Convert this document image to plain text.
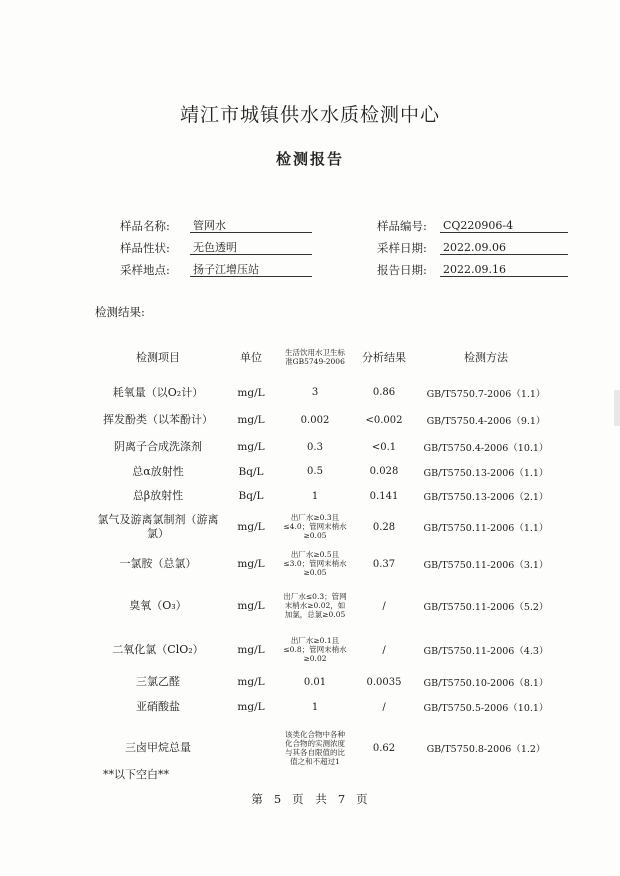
靖江市城镇供水水质检测中心
检测报告
样品名称: 管网水	样品编号: CQ220906-4
样品性状: 无色透明	采样日期: 2022.09.06
采样地点: 扬子江增压站	报告日期: 2022.09.16
检测结果:
检测项目	单位	生活饮用水卫生标准GB5749-2006	分析结果	检测方法
耗氧量（以O₂计）	mg/L	3	0.86	GB/T5750.7-2006（1.1）
挥发酚类（以苯酚计）	mg/L	0.002	<0.002	GB/T5750.4-2006（9.1）
阴离子合成洗涤剂	mg/L	0.3	<0.1	GB/T5750.4-2006（10.1）
总α放射性	Bq/L	0.5	0.028	GB/T5750.13-2006（1.1）
总β放射性	Bq/L	1	0.141	GB/T5750.13-2006（2.1）
氯气及游离氯制剂（游离氯）	mg/L	出厂水≥0.3且≤4.0；管网末梢水≥0.05	0.28	GB/T5750.11-2006（1.1）
一氯胺（总氯）	mg/L	出厂水≥0.5且≤3.0；管网末梢水≥0.05	0.37	GB/T5750.11-2006（3.1）
臭氧（O₃）	mg/L	出厂水≤0.3；管网末梢水≥0.02，如加氯，总氯≥0.05	/	GB/T5750.11-2006（5.2）
二氧化氯（ClO₂）	mg/L	出厂水≥0.1且≤0.8；管网末梢水≥0.02	/	GB/T5750.11-2006（4.3）
三氯乙醛	mg/L	0.01	0.0035	GB/T5750.10-2006（8.1）
亚硝酸盐	mg/L	1	/	GB/T5750.5-2006（10.1）
三卤甲烷总量		该类化合物中各种化合物的实测浓度与其各自限值的比值之和不超过1	0.62	GB/T5750.8-2006（1.2）
**以下空白**
第 5 页 共 7 页
